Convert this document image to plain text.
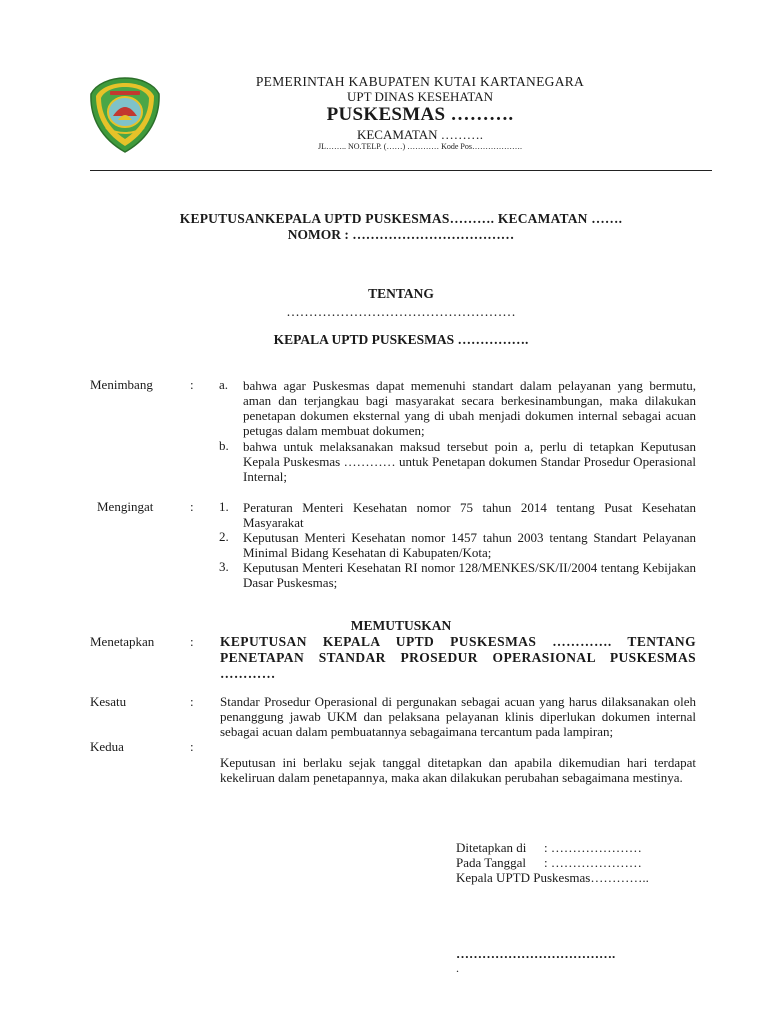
PEMERINTAH KABUPATEN KUTAI KARTANEGARA
UPT DINAS KESEHATAN
PUSKESMAS ……….
KECAMATAN ……….
JL…….. NO.TELP. (……) ………… Kode Pos……………….
KEPUTUSANKEPALA UPTD PUSKESMAS………. KECAMATAN …….
NOMOR : ………………………………
TENTANG
……………………………………………
KEPALA UPTD PUSKESMAS …………….
Menimbang	: a.	bahwa agar Puskesmas dapat memenuhi standart dalam pelayanan yang bermutu, aman dan terjangkau bagi masyarakat secara berkesinambungan, maka dilakukan penetapan dokumen eksternal yang di ubah menjadi dokumen internal sebagai acuan petugas dalam membuat dokumen;
b.	bahwa untuk melaksanakan maksud tersebut poin a, perlu di tetapkan Keputusan Kepala Puskesmas ………… untuk Penetapan dokumen Standar Prosedur Operasional Internal;
Mengingat	: 1.	Peraturan Menteri Kesehatan nomor 75 tahun 2014 tentang Pusat Kesehatan Masyarakat
2.	Keputusan Menteri Kesehatan nomor 1457 tahun 2003 tentang Standart Pelayanan Minimal Bidang Kesehatan di Kabupaten/Kota;
3.	Keputusan Menteri Kesehatan RI nomor 128/MENKES/SK/II/2004 tentang Kebijakan Dasar Puskesmas;
MEMUTUSKAN
Menetapkan	: KEPUTUSAN KEPALA UPTD PUSKESMAS …………. TENTANG PENETAPAN STANDAR PROSEDUR OPERASIONAL PUSKESMAS …………
Kesatu	: Standar Prosedur Operasional di pergunakan sebagai acuan yang harus dilaksanakan oleh penanggung jawab UKM dan pelaksana pelayanan klinis diperlukan dokumen internal sebagai acuan dalam pembuatannya sebagaimana tercantum pada lampiran;
Kedua	:
Keputusan ini berlaku sejak tanggal ditetapkan dan apabila dikemudian hari terdapat kekeliruan dalam penetapannya, maka akan dilakukan perubahan sebagaimana mestinya.
Ditetapkan di : …………………
Pada Tanggal : …………………
Kepala UPTD Puskesmas…………..
……………………………….
.
